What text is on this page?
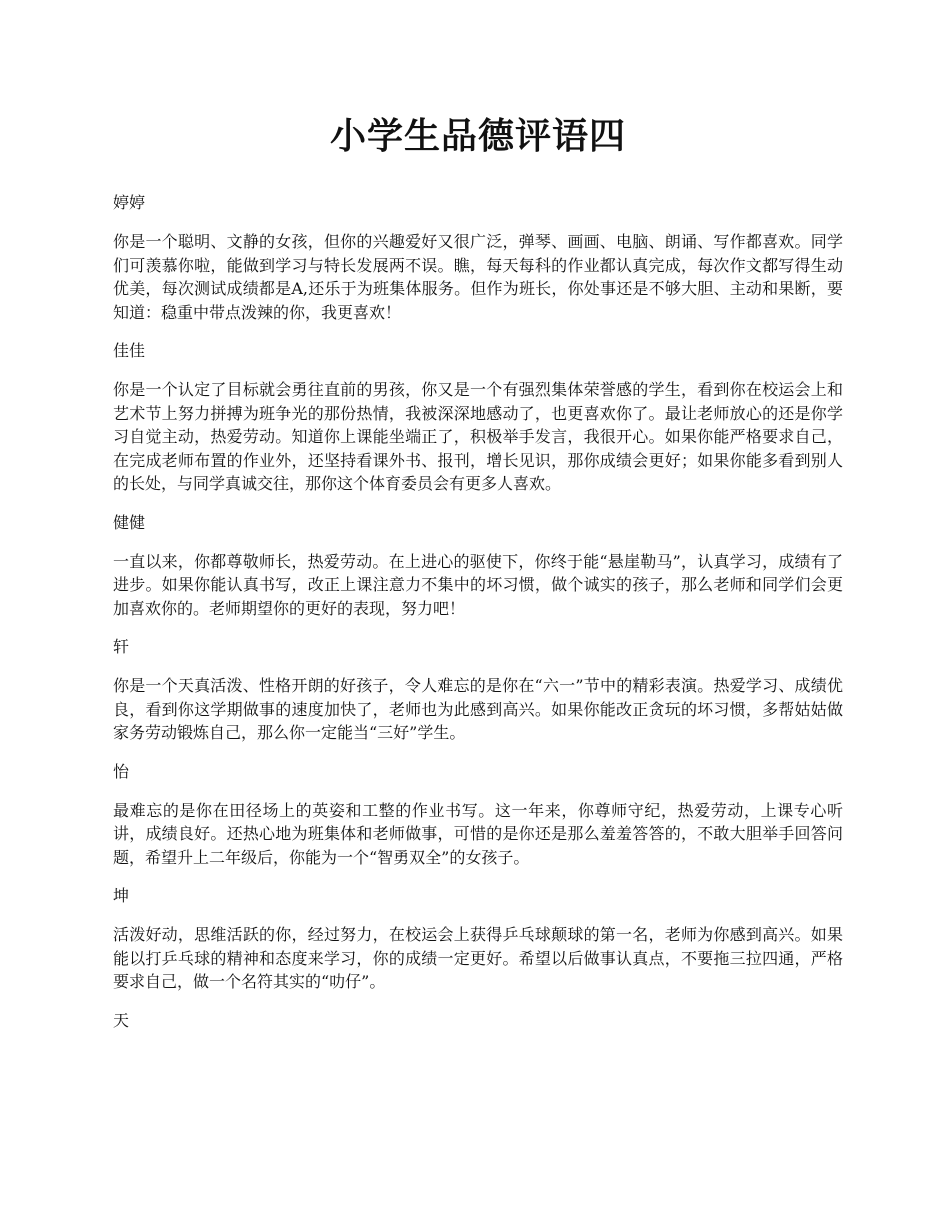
小学生品德评语四

婷婷

你是一个聪明、文静的女孩，但你的兴趣爱好又很广泛，弹琴、画画、电脑、朗诵、写作都喜欢。同学们可羡慕你啦，能做到学习与特长发展两不误。瞧，每天每科的作业都认真完成，每次作文都写得生动优美，每次测试成绩都是A,还乐于为班集体服务。但作为班长，你处事还是不够大胆、主动和果断，要知道：稳重中带点泼辣的你，我更喜欢！

佳佳

你是一个认定了目标就会勇往直前的男孩，你又是一个有强烈集体荣誉感的学生，看到你在校运会上和艺术节上努力拼搏为班争光的那份热情，我被深深地感动了，也更喜欢你了。最让老师放心的还是你学习自觉主动，热爱劳动。知道你上课能坐端正了，积极举手发言，我很开心。如果你能严格要求自己，在完成老师布置的作业外，还坚持看课外书、报刊，增长见识，那你成绩会更好；如果你能多看到别人的长处，与同学真诚交往，那你这个体育委员会有更多人喜欢。

健健

一直以来，你都尊敬师长，热爱劳动。在上进心的驱使下，你终于能“悬崖勒马”，认真学习，成绩有了进步。如果你能认真书写，改正上课注意力不集中的坏习惯，做个诚实的孩子，那么老师和同学们会更加喜欢你的。老师期望你的更好的表现，努力吧！

轩

你是一个天真活泼、性格开朗的好孩子，令人难忘的是你在“六一”节中的精彩表演。热爱学习、成绩优良，看到你这学期做事的速度加快了，老师也为此感到高兴。如果你能改正贪玩的坏习惯，多帮姑姑做家务劳动锻炼自己，那么你一定能当“三好”学生。

怡

最难忘的是你在田径场上的英姿和工整的作业书写。这一年来，你尊师守纪，热爱劳动，上课专心听讲，成绩良好。还热心地为班集体和老师做事，可惜的是你还是那么羞羞答答的，不敢大胆举手回答问题，希望升上二年级后，你能为一个“智勇双全”的女孩子。

坤

活泼好动，思维活跃的你，经过努力，在校运会上获得乒乓球颠球的第一名，老师为你感到高兴。如果能以打乒乓球的精神和态度来学习，你的成绩一定更好。希望以后做事认真点，不要拖三拉四通，严格要求自己，做一个名符其实的“叻仔”。

天
